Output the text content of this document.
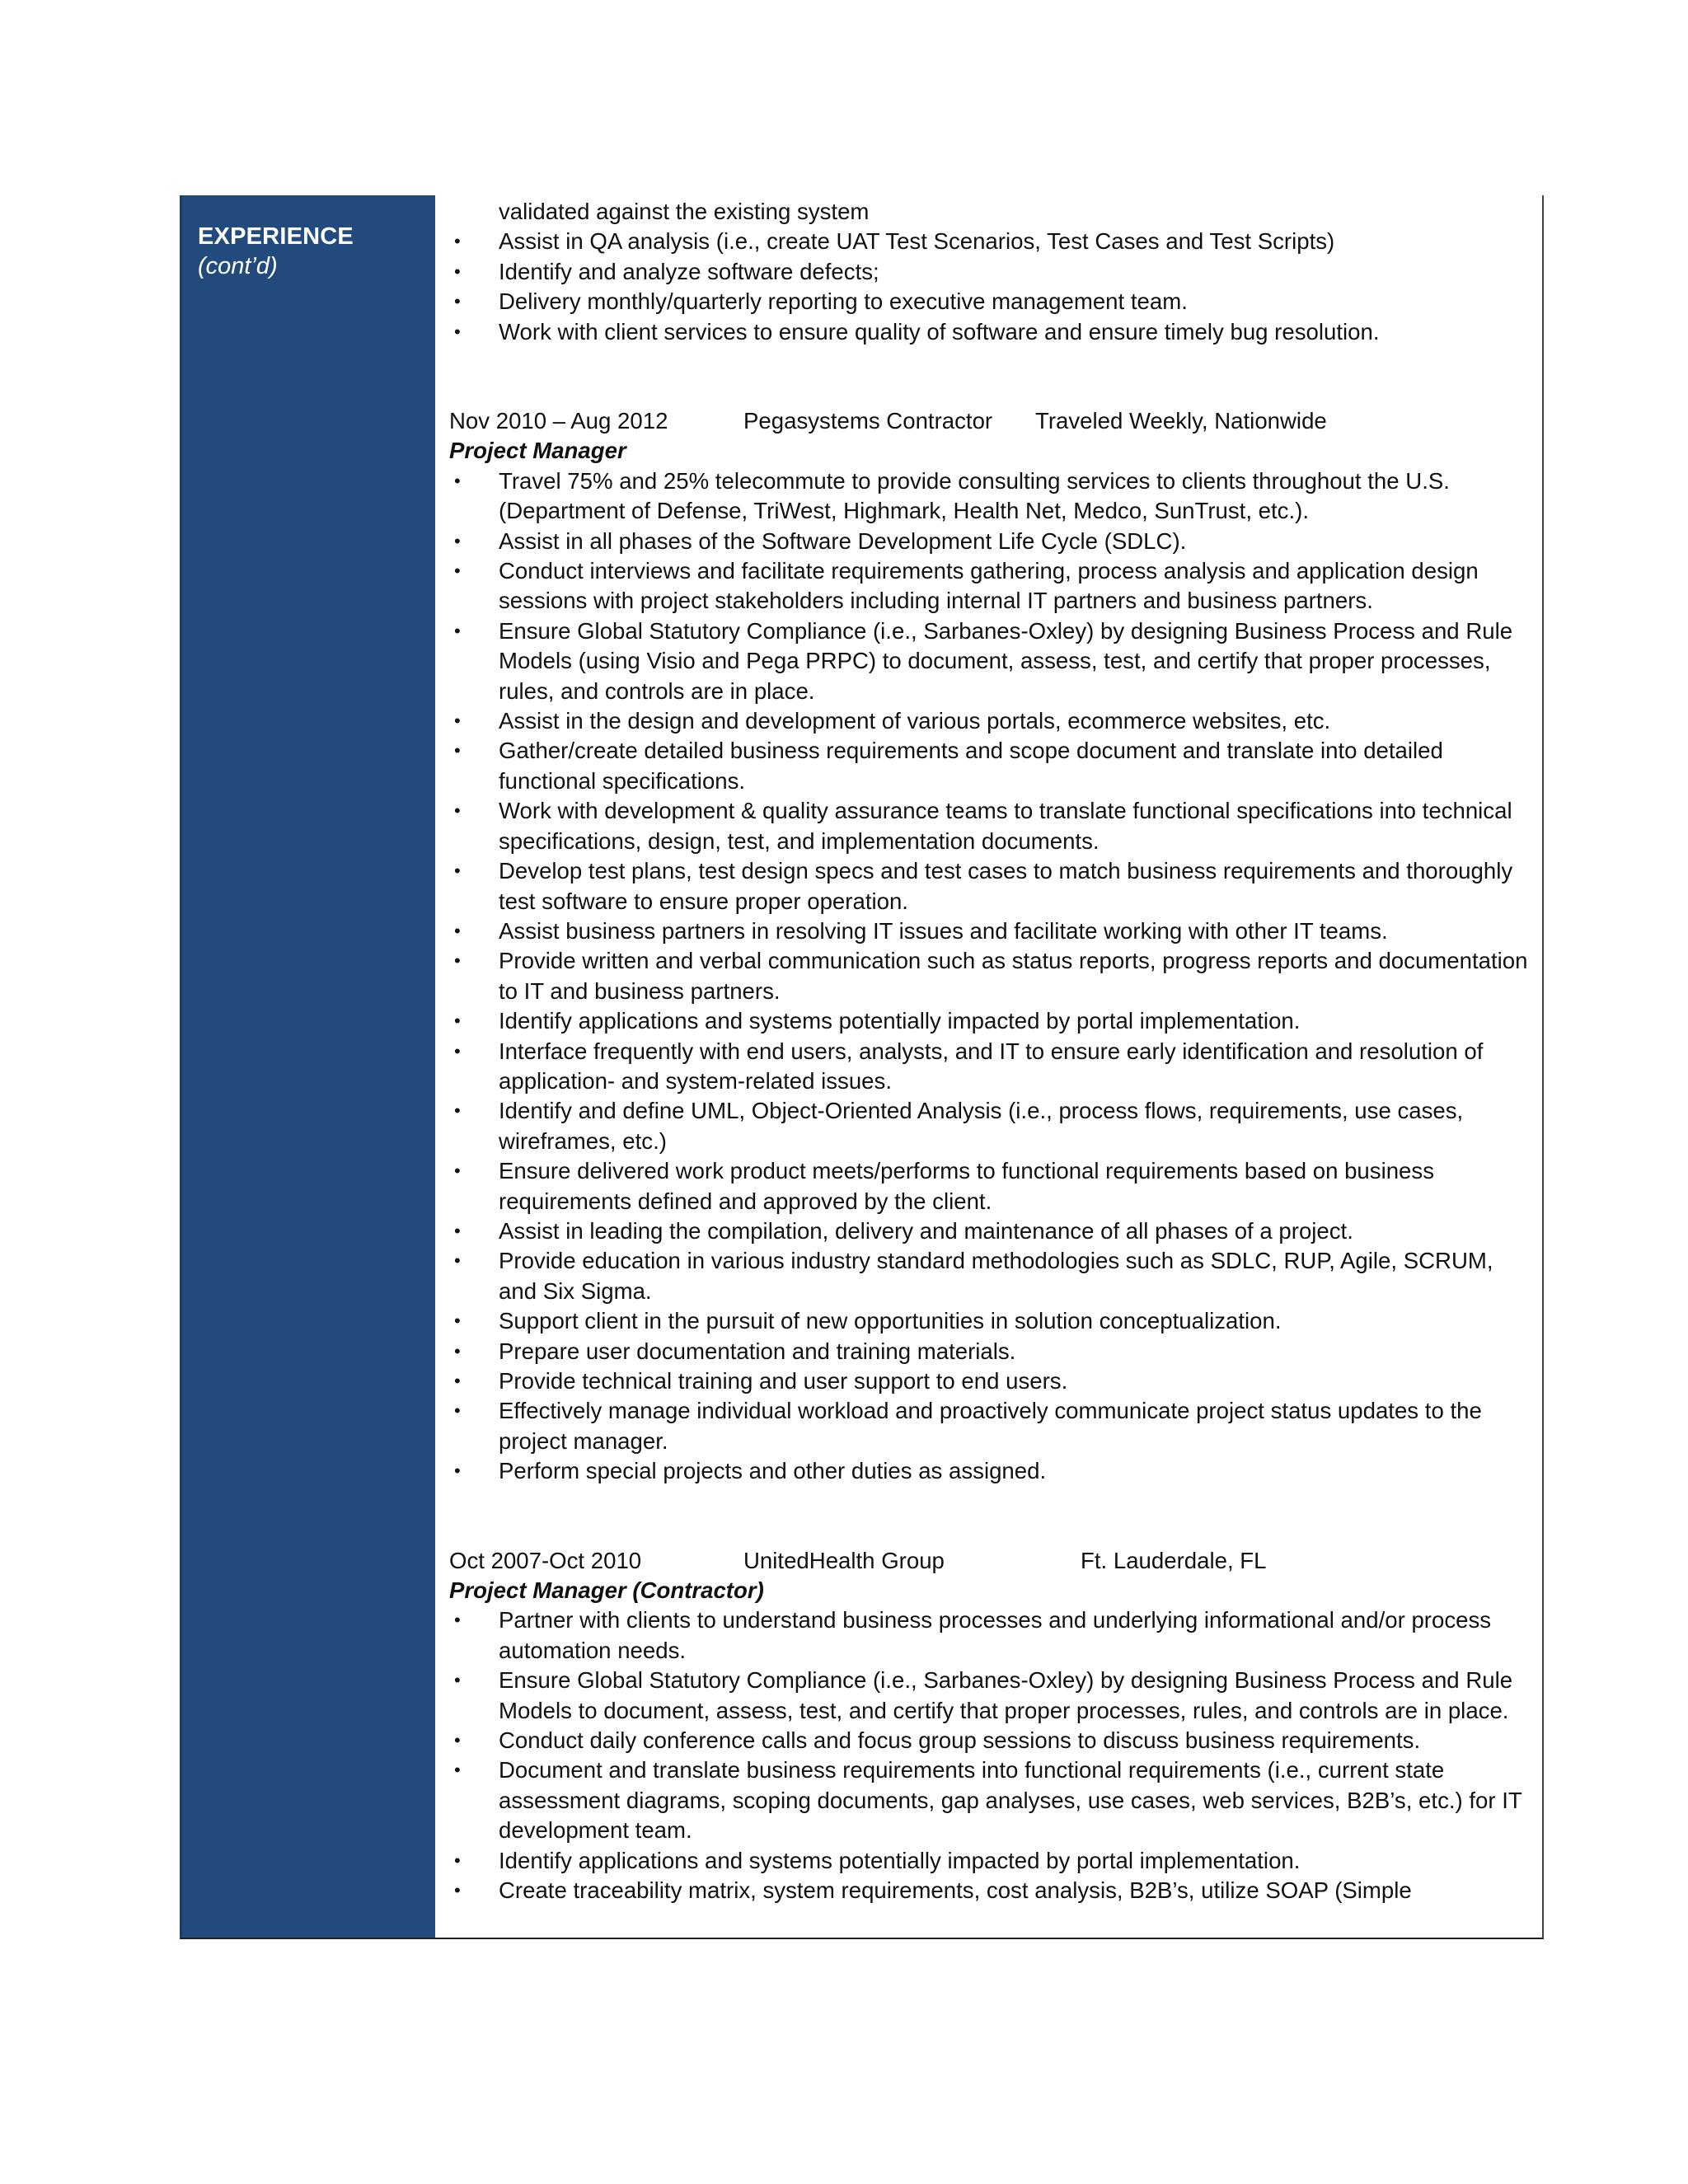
EXPERIENCE
(cont’d)
validated against the existing system
• Assist in QA analysis (i.e., create UAT Test Scenarios, Test Cases and Test Scripts)
• Identify and analyze software defects;
• Delivery monthly/quarterly reporting to executive management team.
• Work with client services to ensure quality of software and ensure timely bug resolution.
Nov 2010 – Aug 2012	Pegasystems Contractor Traveled Weekly, Nationwide
Project Manager
• Travel 75% and 25% telecommute to provide consulting services to clients throughout the U.S. (Department of Defense, TriWest, Highmark, Health Net, Medco, SunTrust, etc.).
• Assist in all phases of the Software Development Life Cycle (SDLC).
• Conduct interviews and facilitate requirements gathering, process analysis and application design sessions with project stakeholders including internal IT partners and business partners.
• Ensure Global Statutory Compliance (i.e., Sarbanes-Oxley) by designing Business Process and Rule Models (using Visio and Pega PRPC) to document, assess, test, and certify that proper processes, rules, and controls are in place.
• Assist in the design and development of various portals, ecommerce websites, etc.
• Gather/create detailed business requirements and scope document and translate into detailed functional specifications.
• Work with development & quality assurance teams to translate functional specifications into technical specifications, design, test, and implementation documents.
• Develop test plans, test design specs and test cases to match business requirements and thoroughly test software to ensure proper operation.
• Assist business partners in resolving IT issues and facilitate working with other IT teams.
• Provide written and verbal communication such as status reports, progress reports and documentation to IT and business partners.
• Identify applications and systems potentially impacted by portal implementation.
• Interface frequently with end users, analysts, and IT to ensure early identification and resolution of application- and system-related issues.
• Identify and define UML, Object-Oriented Analysis (i.e., process flows, requirements, use cases, wireframes, etc.)
• Ensure delivered work product meets/performs to functional requirements based on business requirements defined and approved by the client.
• Assist in leading the compilation, delivery and maintenance of all phases of a project.
• Provide education in various industry standard methodologies such as SDLC, RUP, Agile, SCRUM, and Six Sigma.
• Support client in the pursuit of new opportunities in solution conceptualization.
• Prepare user documentation and training materials.
• Provide technical training and user support to end users.
• Effectively manage individual workload and proactively communicate project status updates to the project manager.
• Perform special projects and other duties as assigned.
Oct 2007-Oct 2010	UnitedHealth Group	Ft. Lauderdale, FL
Project Manager (Contractor)
• Partner with clients to understand business processes and underlying informational and/or process automation needs.
• Ensure Global Statutory Compliance (i.e., Sarbanes-Oxley) by designing Business Process and Rule Models to document, assess, test, and certify that proper processes, rules, and controls are in place.
• Conduct daily conference calls and focus group sessions to discuss business requirements.
• Document and translate business requirements into functional requirements (i.e., current state assessment diagrams, scoping documents, gap analyses, use cases, web services, B2B’s, etc.) for IT development team.
• Identify applications and systems potentially impacted by portal implementation.
• Create traceability matrix, system requirements, cost analysis, B2B’s, utilize SOAP (Simple
